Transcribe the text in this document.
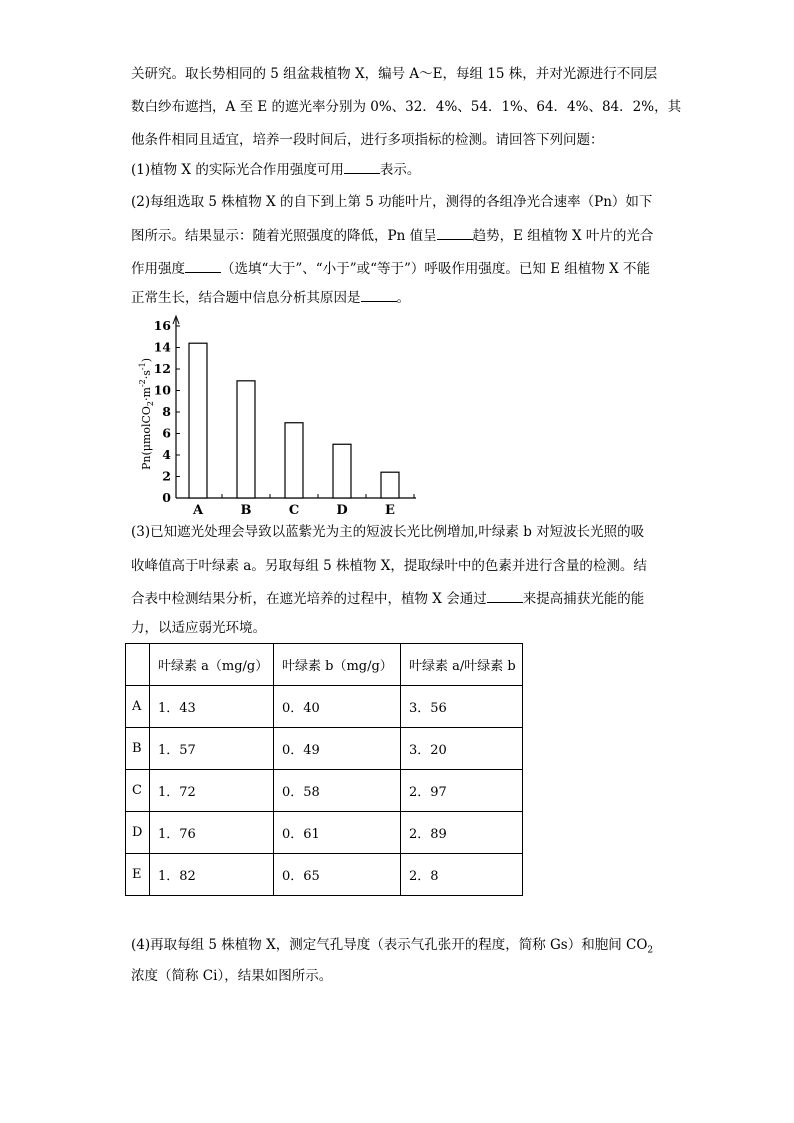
关研究。取长势相同的 5 组盆栽植物 X，编号 A～E，每组 15 株，并对光源进行不同层
数白纱布遮挡，A 至 E 的遮光率分别为 0%、32．4%、54．1%、64．4%、84．2%，其
他条件相同且适宜，培养一段时间后，进行多项指标的检测。请回答下列问题：
(1)植物 X 的实际光合作用强度可用	表示。
(2)每组选取 5 株植物 X 的自下到上第 5 功能叶片，测得的各组净光合速率（Pn）如下
图所示。结果显示：随着光照强度的降低，Pn 值呈	趋势，E 组植物 X 叶片的光合
作用强度	（选填“大于”、“小于”或“等于”）呼吸作用强度。已知 E 组植物 X 不能
正常生长，结合题中信息分析其原因是	。
$Pn(\mu molCO_2\cdot m^{-2}\cdot s^{-1})$
0
2
4
6
8
10
12
14
16
A	B	C	D	E
(3)已知遮光处理会导致以蓝紫光为主的短波长光比例增加,叶绿素 b 对短波长光照的吸
收峰值高于叶绿素 a。另取每组 5 株植物 X，提取绿叶中的色素并进行含量的检测。结
合表中检测结果分析，在遮光培养的过程中，植物 X 会通过	来提高捕获光能的能
力，以适应弱光环境。
	叶绿素 a（mg/g）	叶绿素 b（mg/g）	叶绿素 a/叶绿素 b
A	1．43	0．40	3．56
B	1．57	0．49	3．20
C	1．72	0．58	2．97
D	1．76	0．61	2．89
E	1．82	0．65	2．8
(4)再取每组 5 株植物 X，测定气孔导度（表示气孔张开的程度，简称 Gs）和胞间 $CO_2$
浓度（简称 Ci），结果如图所示。
